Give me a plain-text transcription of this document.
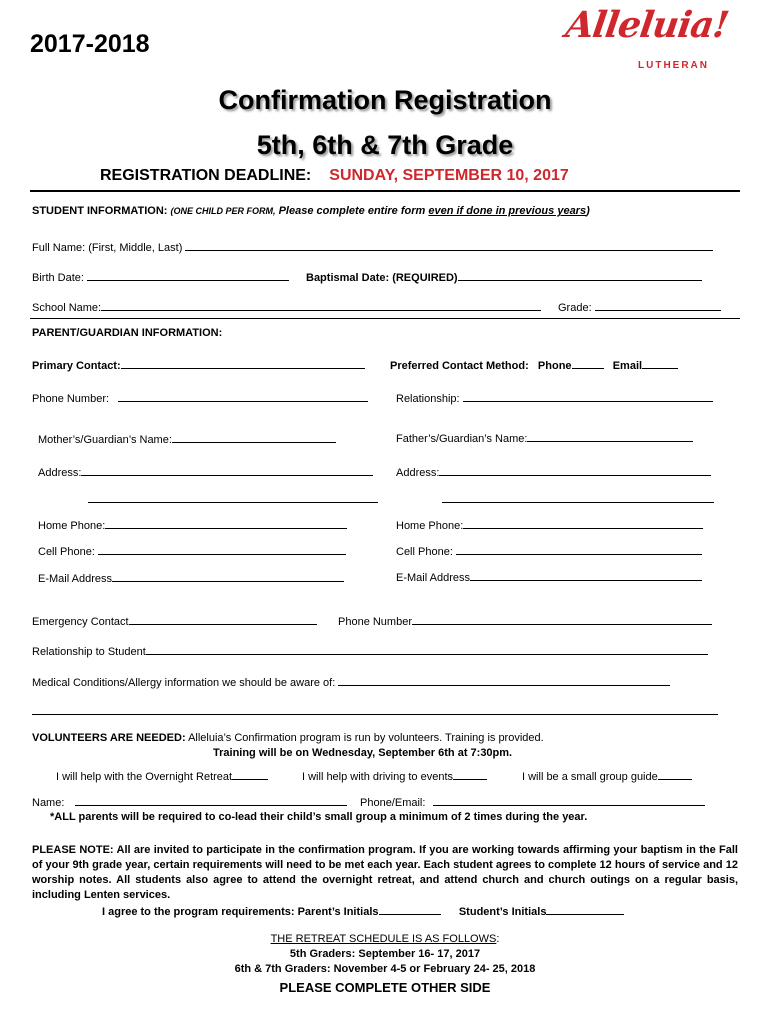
2017-2018	Alleluia!
LUTHERAN
Confirmation Registration
5th, 6th & 7th Grade
REGISTRATION DEADLINE: SUNDAY, SEPTEMBER 10, 2017
STUDENT INFORMATION: (ONE CHILD PER FORM, Please complete entire form even if done in previous years)
Full Name: (First, Middle, Last)
Birth Date:	Baptismal Date: (REQUIRED)
School Name:	Grade:
PARENT/GUARDIAN INFORMATION:
Primary Contact:	Preferred Contact Method: Phone	Email
Phone Number:	Relationship:
Mother’s/Guardian’s Name:	Father’s/Guardian’s Name:
Address:	Address:
Home Phone:	Home Phone:
Cell Phone:	Cell Phone:
E-Mail Address	E-Mail Address
Emergency Contact	Phone Number
Relationship to Student
Medical Conditions/Allergy information we should be aware of:
VOLUNTEERS ARE NEEDED: Alleluia’s Confirmation program is run by volunteers. Training is provided.
Training will be on Wednesday, September 6th at 7:30pm.
I will help with the Overnight Retreat	I will help with driving to events	I will be a small group guide
Name:	Phone/Email:
*ALL parents will be required to co-lead their child’s small group a minimum of 2 times during the year.
PLEASE NOTE: All are invited to participate in the confirmation program. If you are working towards affirming your baptism in the Fall of your 9th grade year, certain requirements will need to be met each year. Each student agrees to complete 12 hours of service and 12 worship notes. All students also agree to attend the overnight retreat, and attend church and church outings on a regular basis, including Lenten services.
I agree to the program requirements: Parent’s Initials	Student’s Initials
THE RETREAT SCHEDULE IS AS FOLLOWS:
5th Graders: September 16- 17, 2017
6th & 7th Graders: November 4-5 or February 24- 25, 2018
PLEASE COMPLETE OTHER SIDE
